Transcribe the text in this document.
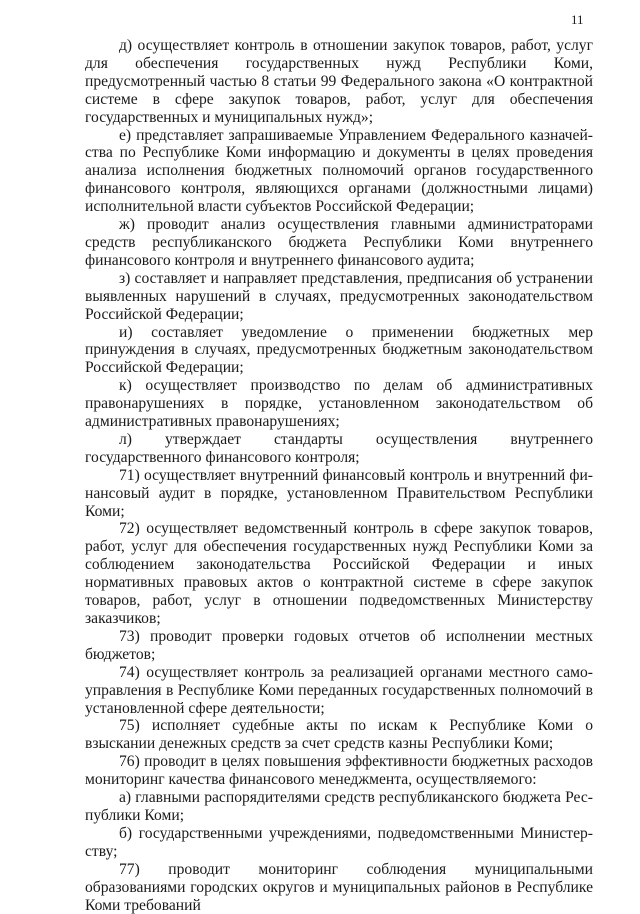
11

д) осуществляет контроль в отношении закупок товаров, работ, услуг для обеспечения государственных нужд Республики Коми, предусмотренный частью 8 статьи 99 Федерального закона «О контрактной системе в сфере закупок товаров, работ, услуг для обеспечения государственных и муниципальных нужд»;

е) представляет запрашиваемые Управлением Федерального казначейства по Республике Коми информацию и документы в целях проведения анализа исполнения бюджетных полномочий органов государственного финансового контроля, являющихся органами (должностными лицами) исполнительной власти субъектов Российской Федерации;

ж) проводит анализ осуществления главными администраторами средств республиканского бюджета Республики Коми внутреннего финансового контроля и внутреннего финансового аудита;

з) составляет и направляет представления, предписания об устранении выявленных нарушений в случаях, предусмотренных законодательством Российской Федерации;

и) составляет уведомление о применении бюджетных мер принуждения в случаях, предусмотренных бюджетным законодательством Российской Федерации;

к) осуществляет производство по делам об административных правонарушениях в порядке, установленном законодательством об административных правонарушениях;

л) утверждает стандарты осуществления внутреннего государственного финансового контроля;

71) осуществляет внутренний финансовый контроль и внутренний финансовый аудит в порядке, установленном Правительством Республики Коми;

72) осуществляет ведомственный контроль в сфере закупок товаров, работ, услуг для обеспечения государственных нужд Республики Коми за соблюдением законодательства Российской Федерации и иных нормативных правовых актов о контрактной системе в сфере закупок товаров, работ, услуг в отношении подведомственных Министерству заказчиков;

73) проводит проверки годовых отчетов об исполнении местных бюджетов;

74) осуществляет контроль за реализацией органами местного самоуправления в Республике Коми переданных государственных полномочий в установленной сфере деятельности;

75) исполняет судебные акты по искам к Республике Коми о взыскании денежных средств за счет средств казны Республики Коми;

76) проводит в целях повышения эффективности бюджетных расходов мониторинг качества финансового менеджмента, осуществляемого:

а) главными распорядителями средств республиканского бюджета Республики Коми;

б) государственными учреждениями, подведомственными Министерству;

77) проводит мониторинг соблюдения муниципальными образованиями городских округов и муниципальных районов в Республике Коми требований
